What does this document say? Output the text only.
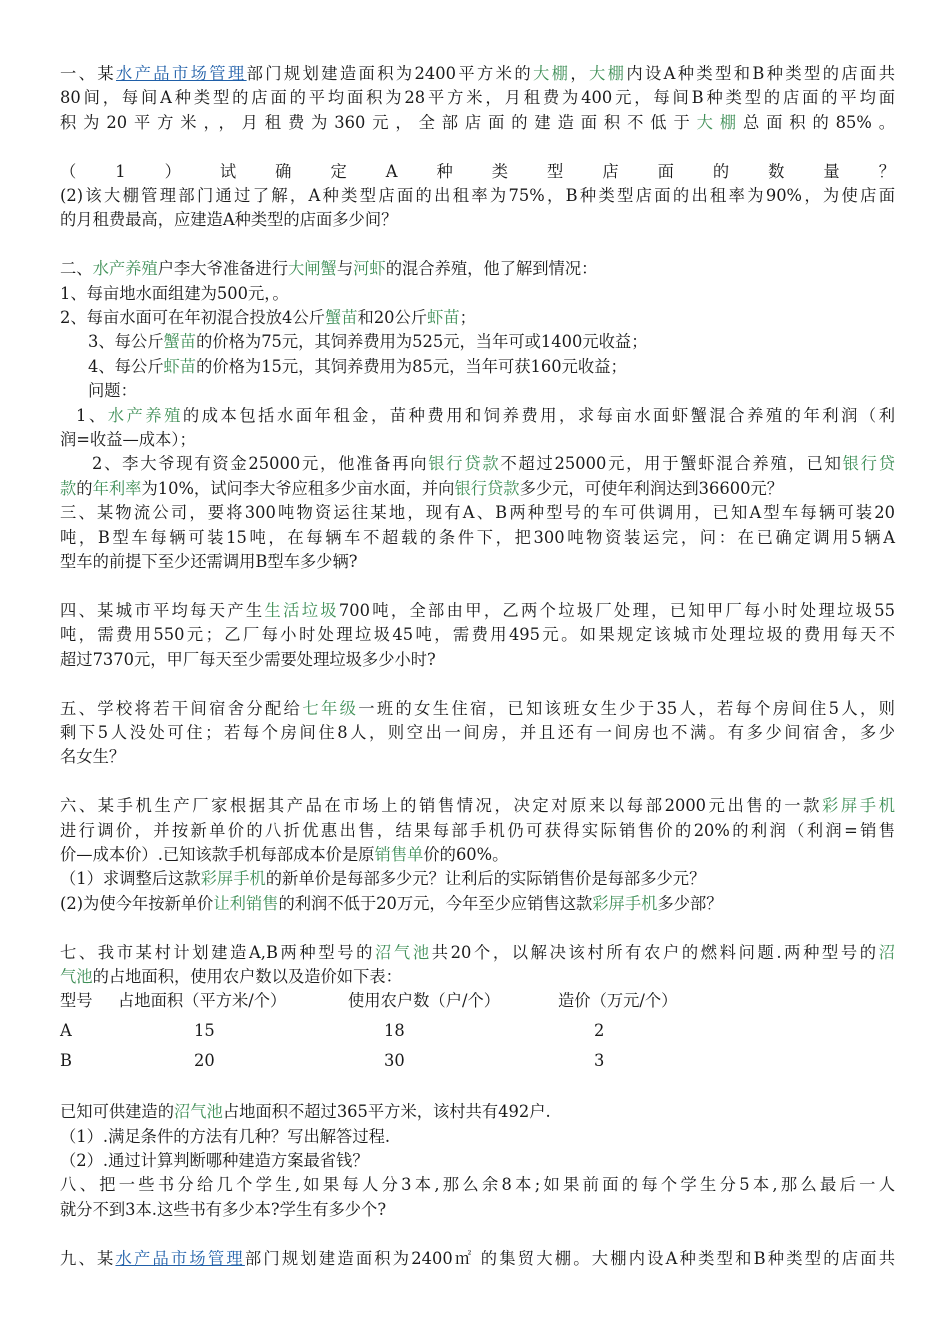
一、某水产品市场管理部门规划建造面积为2400平方米的大棚，大棚内设A种类型和B种类型的店面共

80间，每间A种类型的店面的平均面积为28平方米，月租费为400元，每间B种类型的店面的平均面

积为20平方米，，月租费为360元，全部店面的建造面积不低于大棚总面积的85%。

（1）试确定A种类型店面的数量？

(2)该大棚管理部门通过了解，A种类型店面的出租率为75%，B种类型店面的出租率为90%，为使店面

的月租费最高，应建造A种类型的店面多少间？

二、水产养殖户李大爷准备进行大闸蟹与河虾的混合养殖，他了解到情况：

1、每亩地水面组建为500元，。

2、每亩水面可在年初混合投放4公斤蟹苗和20公斤虾苗；

3、每公斤蟹苗的价格为75元，其饲养费用为525元，当年可或1400元收益；

4、每公斤虾苗的价格为15元，其饲养费用为85元，当年可获160元收益；

问题：

1、水产养殖的成本包括水面年租金，苗种费用和饲养费用，求每亩水面虾蟹混合养殖的年利润（利

润=收益—成本）；

2、李大爷现有资金25000元，他准备再向银行贷款不超过25000元，用于蟹虾混合养殖，已知银行贷

款的年利率为10%，试问李大爷应租多少亩水面，并向银行贷款多少元，可使年利润达到36600元？

三、某物流公司，要将300吨物资运往某地，现有A、B两种型号的车可供调用，已知A型车每辆可装20

吨，B型车每辆可装15吨，在每辆车不超载的条件下，把300吨物资装运完，问：在已确定调用5辆A

型车的前提下至少还需调用B型车多少辆?

四、某城市平均每天产生生活垃圾700吨，全部由甲，乙两个垃圾厂处理，已知甲厂每小时处理垃圾55

吨，需费用550元；乙厂每小时处理垃圾45吨，需费用495元。如果规定该城市处理垃圾的费用每天不

超过7370元，甲厂每天至少需要处理垃圾多少小时?

五、学校将若干间宿舍分配给七年级一班的女生住宿，已知该班女生少于35人，若每个房间住5人，则

剩下5人没处可住；若每个房间住8人，则空出一间房，并且还有一间房也不满。有多少间宿舍，多少

名女生？

六、某手机生产厂家根据其产品在市场上的销售情况，决定对原来以每部2000元出售的一款彩屏手机

进行调价，并按新单价的八折优惠出售，结果每部手机仍可获得实际销售价的20%的利润（利润=销售

价—成本价）.已知该款手机每部成本价是原销售单价的60%。

（1）求调整后这款彩屏手机的新单价是每部多少元？让利后的实际销售价是每部多少元？

(2)为使今年按新单价让利销售的利润不低于20万元，今年至少应销售这款彩屏手机多少部？

七、我市某村计划建造A,B两种型号的沼气池共20个，以解决该村所有农户的燃料问题.两种型号的沼

气池的占地面积，使用农户数以及造价如下表：

型号	占地面积（平方米/个）	使用农户数（户/个）	造价（万元/个）
A	15	18	2
B	20	30	3

已知可供建造的沼气池占地面积不超过365平方米，该村共有492户.

（1）.满足条件的方法有几种？写出解答过程.

（2）.通过计算判断哪种建造方案最省钱？

八、把一些书分给几个学生,如果每人分3本,那么余8本;如果前面的每个学生分5本,那么最后一人

就分不到3本.这些书有多少本?学生有多少个?

九、某水产品市场管理部门规划建造面积为2400㎡ 的集贸大棚。大棚内设A种类型和B种类型的店面共
